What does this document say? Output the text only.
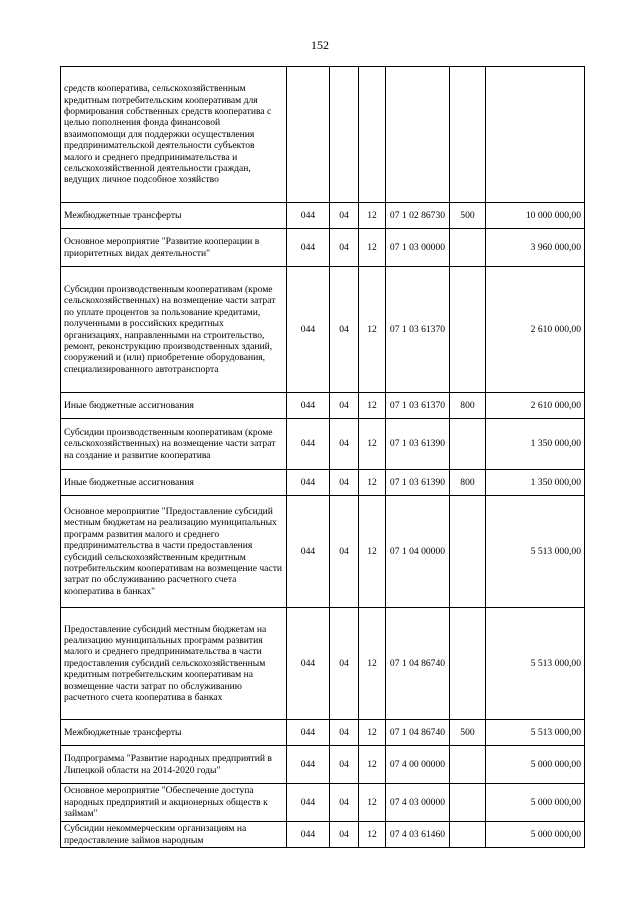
152
средств кооператива, сельскохозяйственным кредитным потребительским кооперативам для формирования собственных средств кооператива с целью пополнения фонда финансовой взаимопомощи для поддержки осуществления предпринимательской деятельности субъектов малого и среднего предпринимательства и сельскохозяйственной деятельности граждан, ведущих личное подсобное хозяйство						
Межбюджетные трансферты	044	04	12	07 1 02 86730	500	10 000 000,00
Основное мероприятие "Развитие кооперации в приоритетных видах деятельности"	044	04	12	07 1 03 00000		3 960 000,00
Субсидии производственным кооперативам (кроме сельскохозяйственных) на возмещение части затрат по уплате процентов за пользование кредитами, полученными в российских кредитных организациях, направленными на строительство, ремонт, реконструкцию производственных зданий, сооружений и (или) приобретение оборудования, специализированного автотранспорта	044	04	12	07 1 03 61370		2 610 000,00
Иные бюджетные ассигнования	044	04	12	07 1 03 61370	800	2 610 000,00
Субсидии производственным кооперативам (кроме сельскохозяйственных) на возмещение части затрат на создание и развитие кооператива	044	04	12	07 1 03 61390		1 350 000,00
Иные бюджетные ассигнования	044	04	12	07 1 03 61390	800	1 350 000,00
Основное мероприятие "Предоставление субсидий местным бюджетам на реализацию муниципальных программ развития малого и среднего предпринимательства в части предоставления субсидий сельскохозяйственным кредитным потребительским кооперативам на возмещение части затрат по обслуживанию расчетного счета кооператива в банках"	044	04	12	07 1 04 00000		5 513 000,00
Предоставление субсидий местным бюджетам на реализацию муниципальных программ развития малого и среднего предпринимательства в части предоставления субсидий сельскохозяйственным кредитным потребительским кооперативам на возмещение части затрат по обслуживанию расчетного счета кооператива в банках	044	04	12	07 1 04 86740		5 513 000,00
Межбюджетные трансферты	044	04	12	07 1 04 86740	500	5 513 000,00
Подпрограмма "Развитие народных предприятий в Липецкой области на 2014-2020 годы"	044	04	12	07 4 00 00000		5 000 000,00
Основное мероприятие "Обеспечение доступа народных предприятий и акционерных обществ к займам"	044	04	12	07 4 03 00000		5 000 000,00
Субсидии некоммерческим организациям на предоставление займов народным	044	04	12	07 4 03 61460		5 000 000,00
